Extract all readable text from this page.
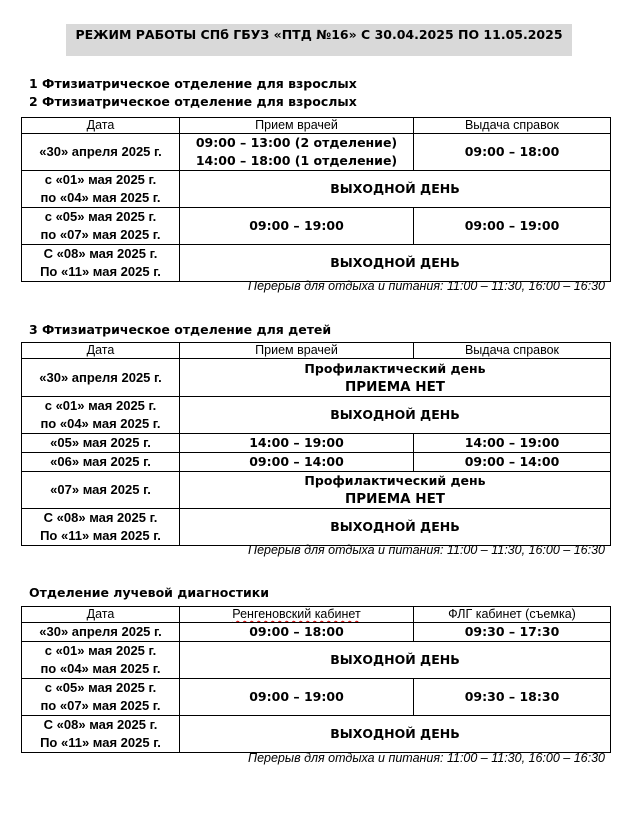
РЕЖИМ РАБОТЫ СПб ГБУЗ «ПТД №16» С 30.04.2025 ПО 11.05.2025
1 Фтизиатрическое отделение для взрослых
2 Фтизиатрическое отделение для взрослых
Дата	Прием врачей	Выдача справок
«30» апреля 2025 г.	09:00 – 13:00 (2 отделение)
14:00 – 18:00 (1 отделение)	09:00 – 18:00
с «01» мая 2025 г.
по «04» мая 2025 г.	ВЫХОДНОЙ ДЕНЬ	
с «05» мая 2025 г.
по «07» мая 2025 г.	09:00 – 19:00	09:00 – 19:00
С «08» мая 2025 г.
По «11» мая 2025 г.	ВЫХОДНОЙ ДЕНЬ	
Перерыв для отдыха и питания: 11:00 – 11:30, 16:00 – 16:30
3 Фтизиатрическое отделение для детей
Дата	Прием врачей	Выдача справок
«30» апреля 2025 г.	Профилактический день
ПРИЕМА НЕТ	
с «01» мая 2025 г.
по «04» мая 2025 г.	ВЫХОДНОЙ ДЕНЬ	
«05» мая 2025 г.	14:00 – 19:00	14:00 – 19:00
«06» мая 2025 г.	09:00 – 14:00	09:00 – 14:00
«07» мая 2025 г.	Профилактический день
ПРИЕМА НЕТ	
С «08» мая 2025 г.
По «11» мая 2025 г.	ВЫХОДНОЙ ДЕНЬ	
Перерыв для отдыха и питания: 11:00 – 11:30, 16:00 – 16:30
Отделение лучевой диагностики
Дата	Ренгеновский кабинет	ФЛГ кабинет (съемка)
«30» апреля 2025 г.	09:00 – 18:00	09:30 – 17:30
с «01» мая 2025 г.
по «04» мая 2025 г.	ВЫХОДНОЙ ДЕНЬ	
с «05» мая 2025 г.
по «07» мая 2025 г.	09:00 – 19:00	09:30 – 18:30
С «08» мая 2025 г.
По «11» мая 2025 г.	ВЫХОДНОЙ ДЕНЬ	
Перерыв для отдыха и питания: 11:00 – 11:30, 16:00 – 16:30
